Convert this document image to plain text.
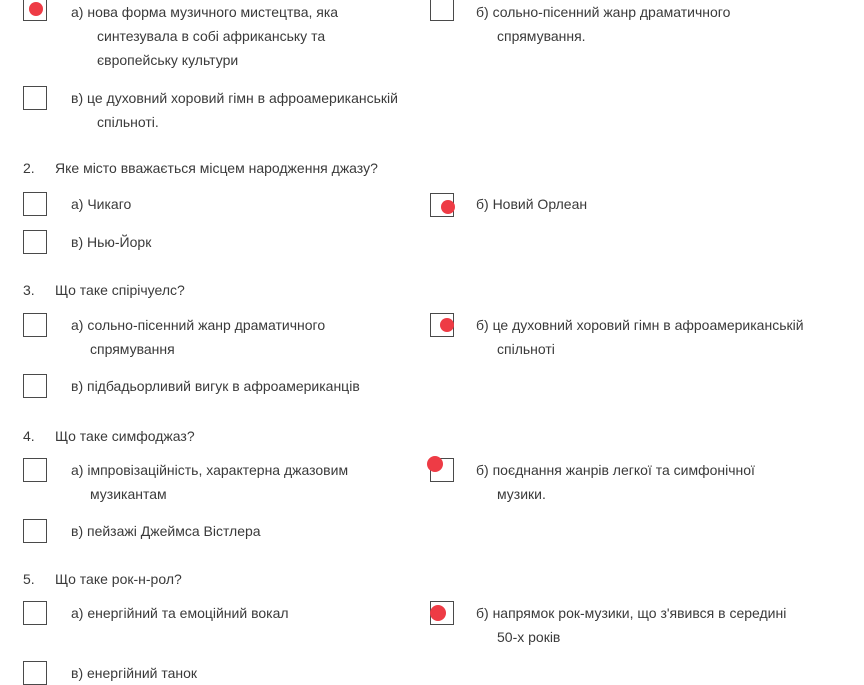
а) нова форма музичного мистецтва, яка
синтезувала в собі африканську та
європейську культури
б) сольно-пісенний жанр драматичного
спрямування.
в) це духовний хоровий гімн в афроамериканській
спільноті.
2. Яке місто вважається місцем народження джазу?
а) Чикаго	б) Новий Орлеан
в) Нью-Йорк
3. Що таке спірічуелс?
а) сольно-пісенний жанр драматичного
спрямування
б) це духовний хоровий гімн в афроамериканській
спільноті
в) підбадьорливий вигук в афроамериканців
4. Що таке симфоджаз?
а) імпровізаційність, характерна джазовим
музикантам
б) поєднання жанрів легкої та симфонічної
музики.
в) пейзажі Джеймса Вістлера
5. Що таке рок-н-рол?
а) енергійний та емоційний вокал	б) напрямок рок-музики, що з'явився в середині
50-х років
в) енергійний танок
